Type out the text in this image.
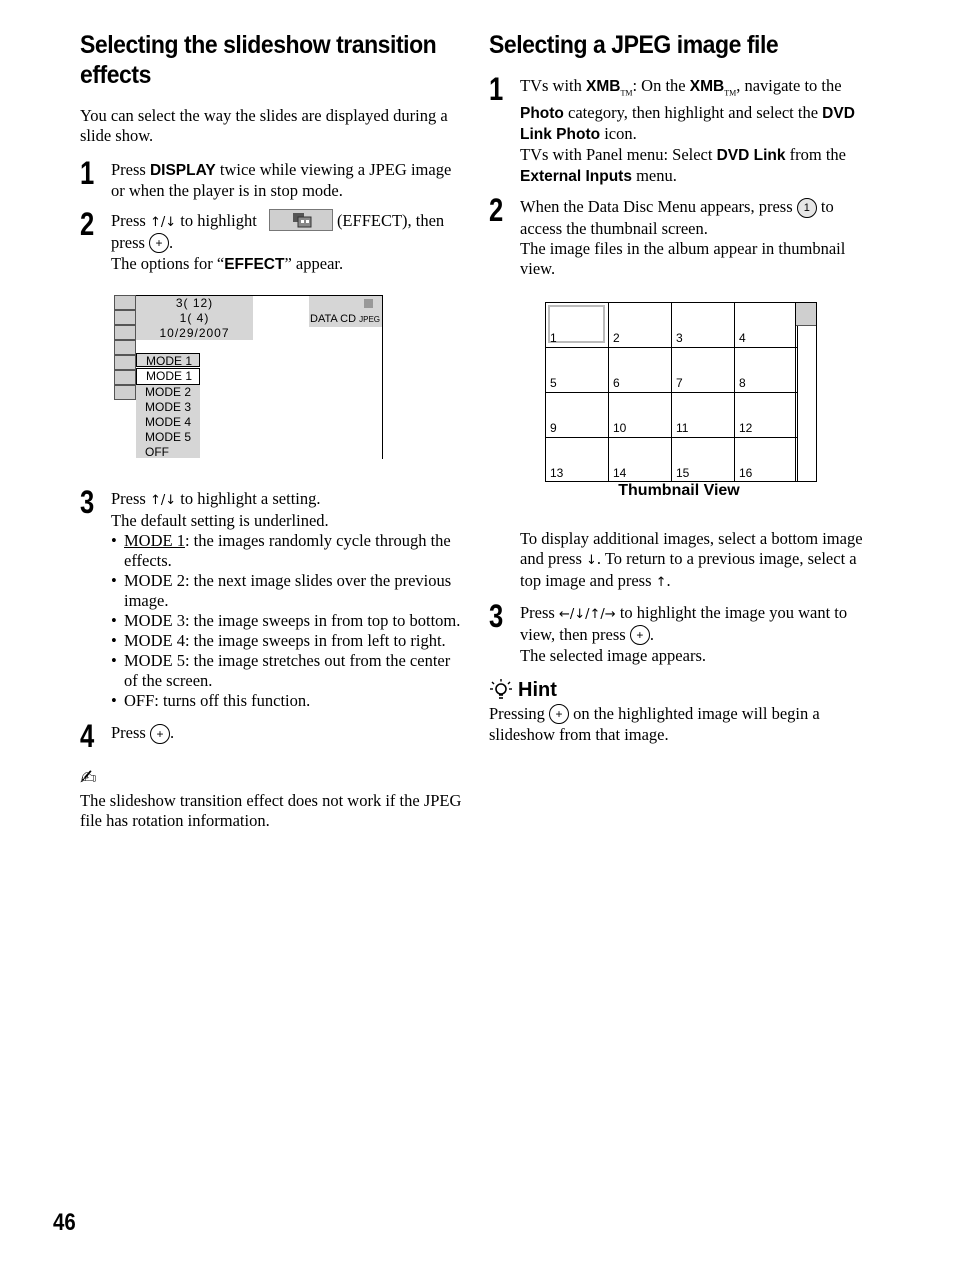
Selecting the slideshow transition effects

You can select the way the slides are displayed during a slide show.

1 Press DISPLAY twice while viewing a JPEG image or when the player is in stop mode.

2 Press ↑/↓ to highlight	(EFFECT), then press + .
The options for “EFFECT” appear.

3( 12)
1( 4)
10/29/2007
DATA CD JPEG
MODE 1
MODE 1
MODE 2
MODE 3
MODE 4
MODE 5
OFF
3 Press ↑/↓ to highlight a setting.

The default setting is underlined.

• MODE 1: the images randomly cycle through the effects.
• MODE 2: the next image slides over the previous image.
• MODE 3: the image sweeps in from top to bottom.
• MODE 4: the image sweeps in from left to right.
• MODE 5: the image stretches out from the center of the screen.
• OFF: turns off this function.
4 Press +.

✍

The slideshow transition effect does not work if the JPEG file has rotation information.

Selecting a JPEG image file
1 TVs with $XMB_{TM}$: On the $XMB_{TM}$, navigate to the Photo category, then highlight and select the DVD Link Photo icon.
TVs with Panel menu: Select DVD Link from the External Inputs menu.

2 When the Data Disc Menu appears, press 1 to access the thumbnail screen.
The image files in the album appear in thumbnail view.

1	2	3	4
5	6	7	8
9	10	11	12
13	14	15	16
Thumbnail View

To display additional images, select a bottom image and press ↓. To return to a previous image, select a top image and press ↑.

3 Press ←/↓/↑/→ to highlight the image you want to view, then press +.
The selected image appears.

Hint

Pressing + on the highlighted image will begin a slideshow from that image.

46
